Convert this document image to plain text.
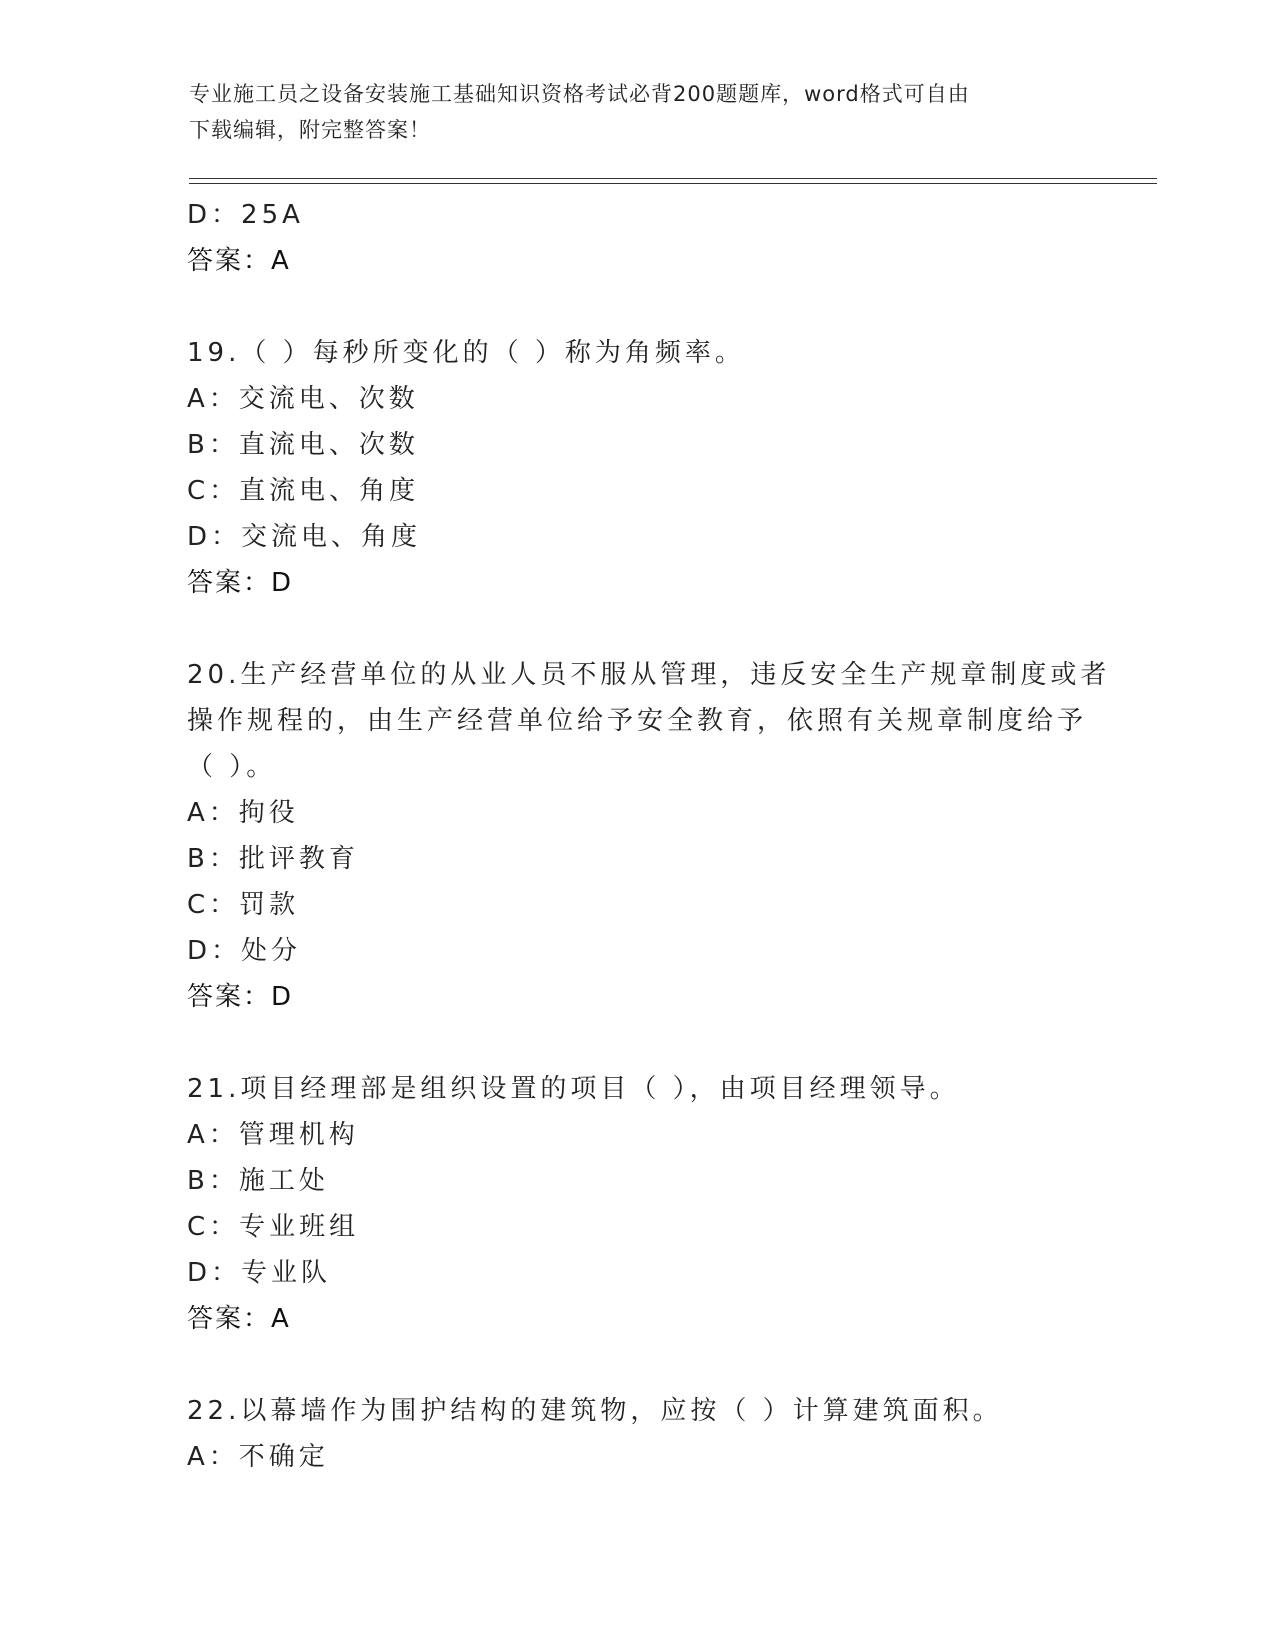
专业施工员之设备安装施工基础知识资格考试必背200题题库，word格式可自由
下载编辑，附完整答案！
D：25A
答案：A
19.（ ）每秒所变化的（ ）称为角频率。
A：交流电、次数
B：直流电、次数
C：直流电、角度
D：交流电、角度
答案：D
20.生产经营单位的从业人员不服从管理，违反安全生产规章制度或者
操作规程的，由生产经营单位给予安全教育，依照有关规章制度给予
（ ）。
A：拘役
B：批评教育
C：罚款
D：处分
答案：D
21.项目经理部是组织设置的项目（ ），由项目经理领导。
A：管理机构
B：施工处
C：专业班组
D：专业队
答案：A
22.以幕墙作为围护结构的建筑物，应按（ ）计算建筑面积。
A：不确定
